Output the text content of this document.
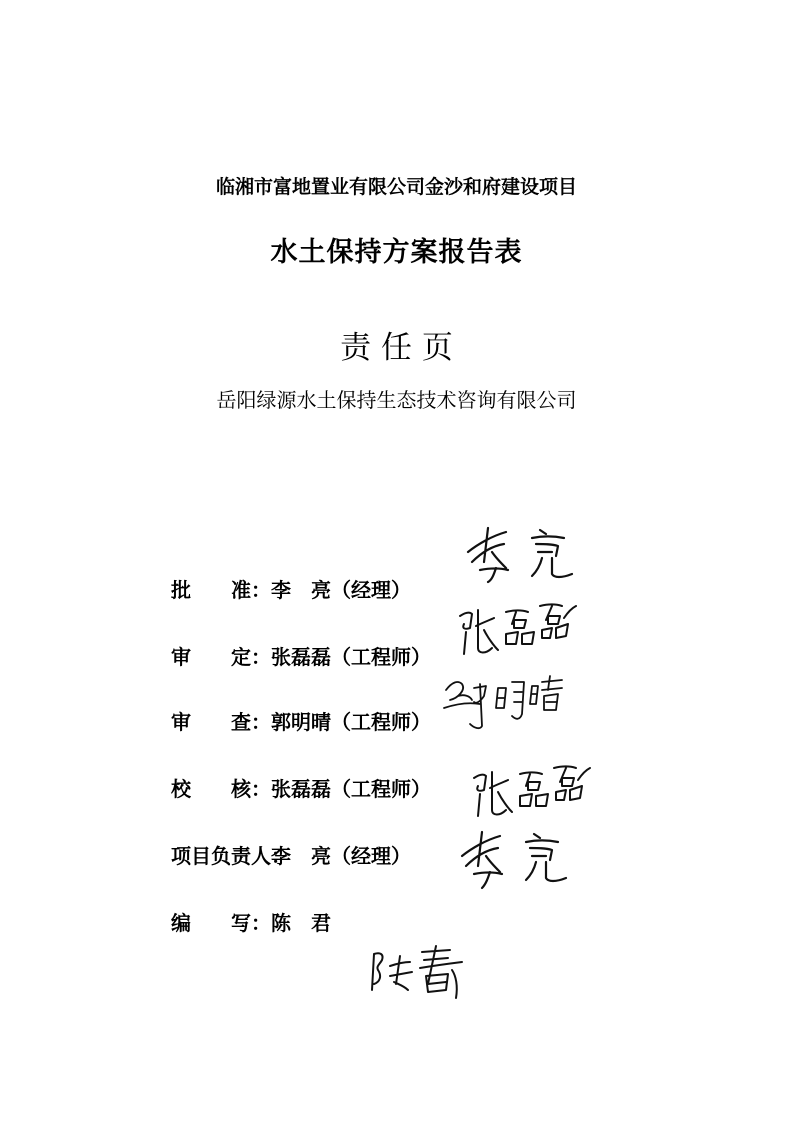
临湘市富地置业有限公司金沙和府建设项目
水土保持方案报告表
责 任 页
岳阳绿源水土保持生态技术咨询有限公司
批　　准：李　亮（经理）
审　　定：张磊磊（工程师）
审　　查：郭明晴（工程师）
校　　核：张磊磊（工程师）
项目负责人：李　亮（经理）
编　　写：陈　君
